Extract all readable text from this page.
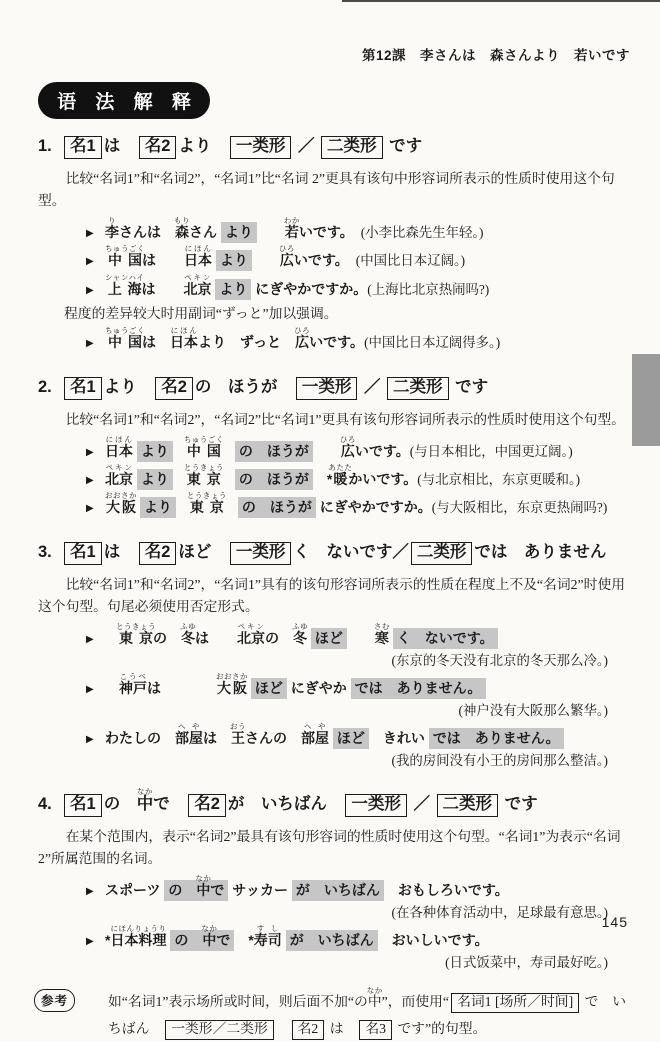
第12課　李さんは　森さんより　若いです
语 法 解 释
1. 名1 は　名2 より　一类形 ／ 二类形 です
比较“名词1”和“名词2”，“名词1”比“名词 2”更具有该句中形容词所表示的性质时使用这个句型。
▶ 李りさんは　森もりさん より　　 若わかいです。　(小李比森先生年轻。)
▶ 中国ちゅうごくは　　日本にほん より　　 広ひろいです。　(中国比日本辽阔。)
▶ 上海シャンハイは　　北京ペキン より にぎやかですか。(上海比北京热闹吗?)
程度的差异较大时用副词“ずっと”加以强调。
▶ 中国ちゅうごくは　日本にほんより　ずっと　広ひろいです。(中国比日本辽阔得多。)
2. 名1 より　名2 の　ほうが　一类形 ／ 二类形 です
比较“名词1”和“名词2”，“名词2”比“名词1”更具有该句形容词所表示的性质时使用这个句型。
▶ 日本にほん より　 中国ちゅうごく　の　ほうが　　 広ひろいです。(与日本相比，中国更辽阔。)
▶ 北京ペキン より　 東京とうきょう　の　ほうが　*暖あたたかいです。(与北京相比，东京更暖和。)
▶ 大阪おおさか より　 東京とうきょう　の　ほうが にぎやかですか。(与大阪相比，东京更热闹吗?)
3. 名1 は　名2 ほど　一类形 く　ないです／ 二类形 では　ありません
比较“名词1”和“名词2”，“名词1”具有的该句形容词所表示的性质在程度上不及“名词2”时使用这个句型。句尾必须使用否定形式。
▶　 東京とうきょうの　冬ふゆは　　北京ペキンの　冬ふゆ ほど　　 寒さむ く　ないです。
(东京的冬天没有北京的冬天那么冷。)
▶　 神戸こうべは　　　　大阪おおさか ほど にぎやか では　ありません。
(神户没有大阪那么繁华。)
▶ わたしの　部屋へやは　王おうさんの　部屋へや ほど　きれい では　ありません。
(我的房间没有小王的房间那么整洁。)
4. 名1 の　中なかで　名2 が　いちばん　一类形 ／ 二类形 です
在某个范围内，表示“名词2”最具有该句形容词的性质时使用这个句型。“名词1”为表示“名词2”所属范围的名词。
▶ スポーツ の　中なかで サッカー が　いちばん　おもしろいです。
(在各种体育活动中，足球最有意思。)
▶ *日本料理にほんりょうり の　中なかで　*寿司すし が　いちばん　おいしいです。
(日式饭菜中，寿司最好吃。)
参考	如“名词1”表示场所或时间，则后面不加“の中なか”，而使用“ 名词1 [场所／时间] で　いちばん　一类形／二类形　 名2 は　名3 です”的句型。
145
